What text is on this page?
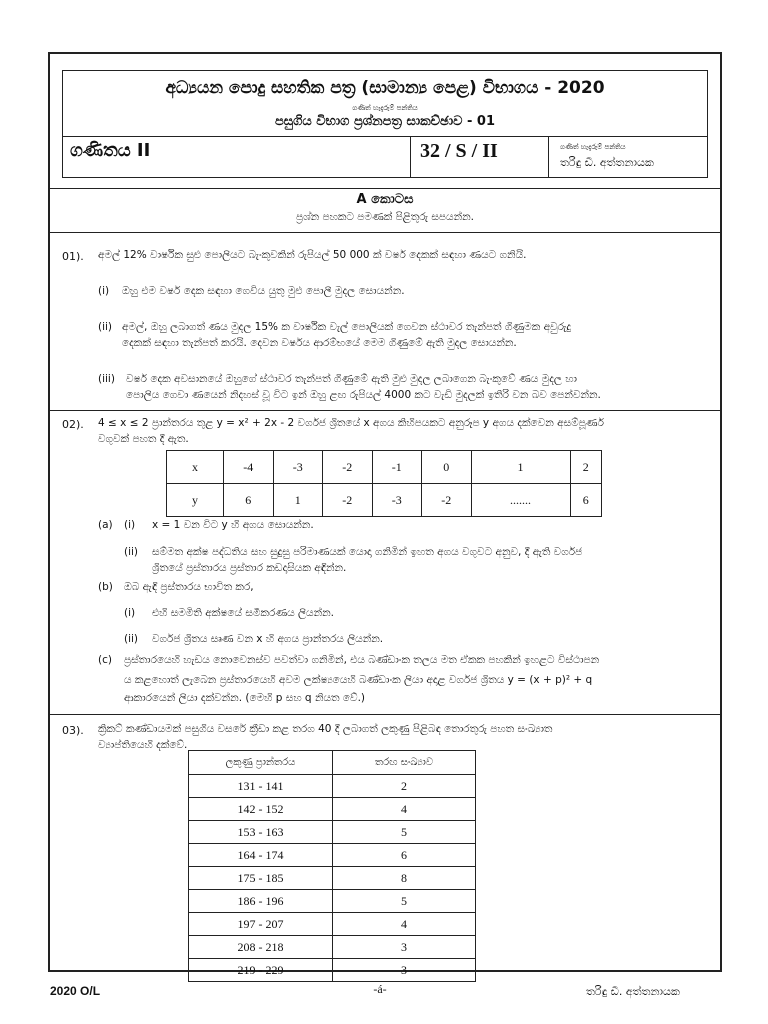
අධ්‍යයන පොදු සහතික පත්‍ර (සාමාන්‍ය පෙළ) විභාගය - 2020
ගණිත් හැදැරුම් පන්තිය
පසුගිය විභාග ප්‍රශ්නපත්‍ර සාකච්ඡාව - 01
ගණිතය II	32 / S / II	ගණිත් හැදැරුම් පන්තිය
තරිඳු ඩී. අත්තනායක
A කොටස
ප්‍රශ්න පහකට පමණක් පිළිතුරු සපයන්න.
01). අමල් 12% වාර්ෂික සුළු පොලියට බැංකුවකින් රුපියල් 50 000 ක් වර්ෂ දෙකක් සඳහා ණයට ගනියි.
(i) ඔහු එම වර්ෂ දෙක සඳහා ගෙවිය යුතු මුළු පොලී මුදල සොයන්න.
(ii) අමල්, ඔහු ලබාගත් ණය මුදල 15% ක වාර්ෂික වැල් පොලියක් ගෙවන ස්ථාවර තැන්පත් ගිණුමක අවුරුදු
දෙකක් සඳහා තැන්පත් කරයි. දෙවන වර්ෂය ආරම්භයේ මෙම ගිණුමේ ඇති මුදල සොයන්න.
(iii) වර්ෂ දෙක අවසානයේ ඔහුගේ ස්ථාවර තැන්පත් ගිණුමේ ඇති මුළු මුදල ලබාගෙන බැංකුවේ ණය මුදල හා
පොලිය ගෙවා ණයෙන් නිදහස් වූ විට ඉන් ඔහු ළඟ රුපියල් 4000 කට වැඩි මුදලක් ඉතිරි වන බව පෙන්වන්න.
02). 4 ≤ x ≤ 2 ප්‍රාන්තරය තුළ y = x² + 2x - 2 වර්ගජ ශ්‍රිතයේ x අගය කිහිපයකට අනුරූප y අගය දක්වෙන අසම්පූර්ණ
වගුවක් පහත දී ඇත.
x	-4	-3	-2	-1	0	1	2
y	6	1	-2	-3	-2	.......	6
(a) (i) x = 1 වන විට y හි අගය සොයන්න.
(ii) සම්මත අක්ෂ පද්ධතිය සහ සුදුසු පරිමාණයක් යොදා ගනිමින් ඉහත අගය වගුවට අනුව, දී ඇති වර්ගජ
ශ්‍රිතයේ ප්‍රස්තාරය ප්‍රස්තාර කඩදාසියක අඳින්න.
(b) ඔබ ඇඳි ප්‍රස්තාරය භාවිත කර,
(i) එහි සමමිති අක්ෂයේ සමීකරණය ලියන්න.
(ii) වර්ගජ ශ්‍රිතය සෘණ වන x හි අගය ප්‍රාන්තරය ලියන්න.
(c) ප්‍රස්තාරයෙහි හැඩය නොවෙනස්ව පවත්වා ගනිමින්, එය බණ්ඩාංක තලය මත ඒකක පහකින් ඉහළට විස්ථාපන
ය කළහොත් ලැබෙන ප්‍රස්තාරයෙහි අවම ලක්ෂ්‍යයෙහි බණ්ඩාංක ලියා අදාළ වර්ගජ ශ්‍රිතය y = (x + p)² + q
ආකාරයෙන් ලියා දක්වන්න. (මෙහි p සහ q නියත වේ.)
03). ක්‍රිකට් කණ්ඩායමක් පසුගිය වසරේ ක්‍රීඩා කළ තරග 40 දී ලබාගත් ලකුණු පිළිබඳ තොරතුරු පහත සංඛ්‍යාත
ව්‍යාප්තියෙහි දක්වේ.
ලකුණු ප්‍රාන්තරය	තරඟ සංඛ්‍යාව
131 - 141	2
142 - 152	4
153 - 163	5
164 - 174	6
175 - 185	8
186 - 196	5
197 - 207	4
208 - 218	3
219 - 229	3
2020 O/L	-á-	තරිඳු ඩී. අත්තනායක
